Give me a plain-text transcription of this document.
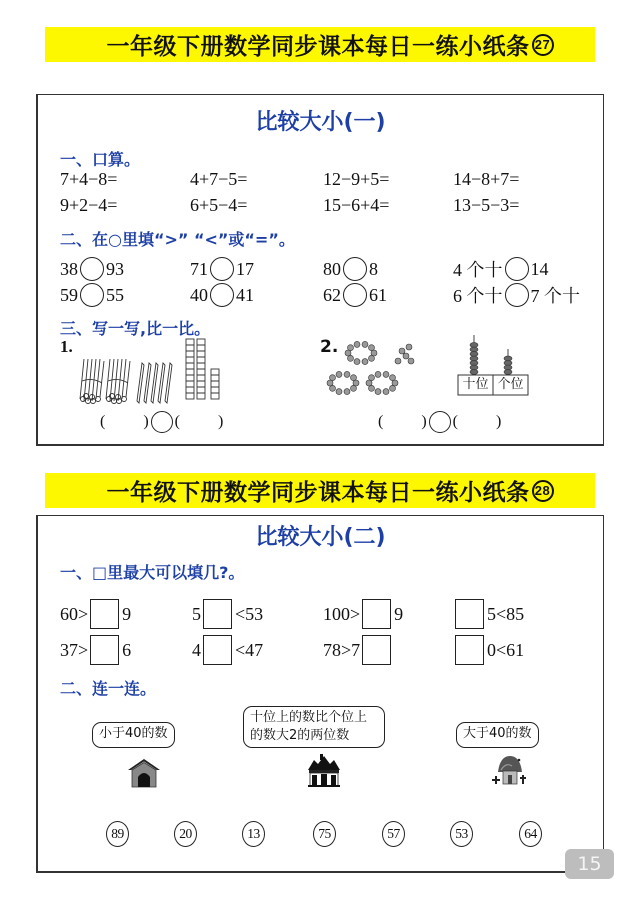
一年级下册数学同步课本每日一练小纸条 27
比较大小(一)
一、口算。
7+4−8=	4+7−5=	12−9+5=	14−8+7=
9+2−4=	6+5−4=	15−6+4=	13−5−3=
二、在○里填“>” “<”或“=”。
38 93	71 17	80 8	4 个十 14
59 55	40 41	62 61	6 个十 7 个十
三、写一写,比一比。
1.
( ) ( )
2.
十位 个位
( ) ( )
一年级下册数学同步课本每日一练小纸条 28
比较大小(二)
一、□里最大可以填几?。
60> 9	5 <53	100> 9	5<85
37> 6	4 <47	78>7	0<61
二、连一连。
小于40的数
十位上的数比个位上
的数大2的两位数	大于40的数
89	20	13	75	57	53	64
15
